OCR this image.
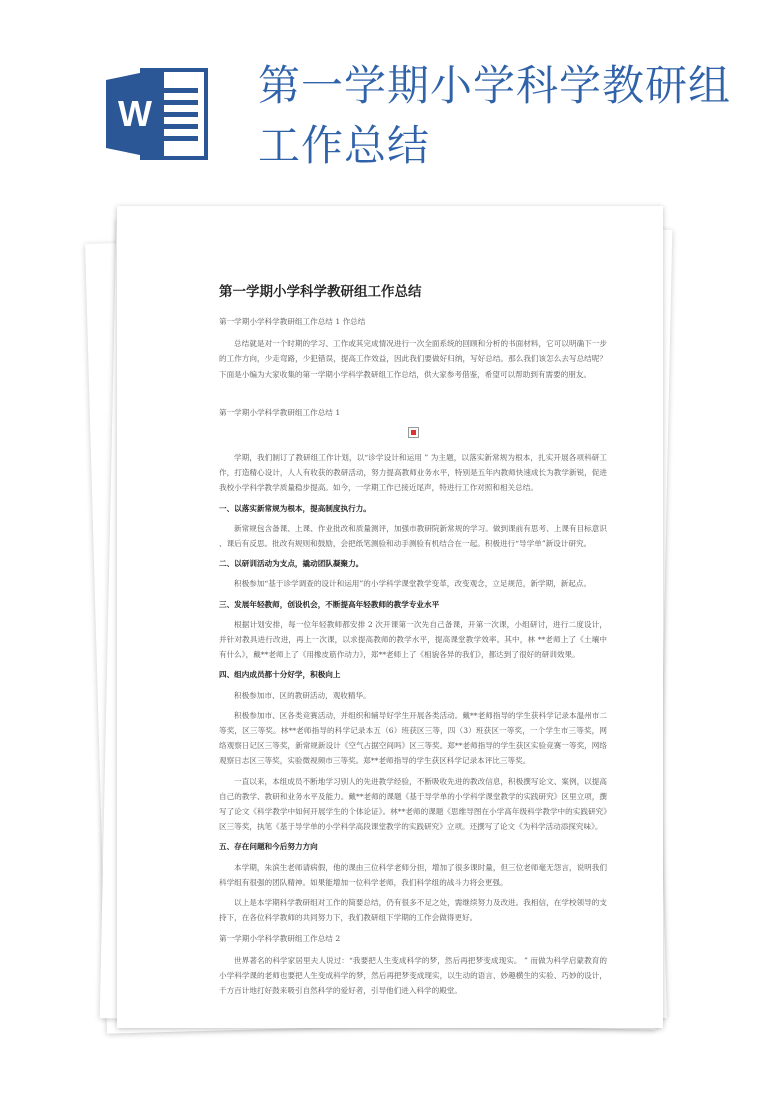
W
第一学期小学科学教研组工作总结
第一学期小学科学教研组工作总结

第一学期小学科学教研组工作总结 1 作总结

总结就是对一个时期的学习、工作或其完成情况进行一次全面系统的回顾和分析的书面材料，它可以明确下一步的工作方向，少走弯路，少犯错误，提高工作效益，因此我们要做好归纳，写好总结。那么我们该怎么去写总结呢？下面是小编为大家收集的第一学期小学科学教研组工作总结，供大家参考借鉴，希望可以帮助到有需要的朋友。

第一学期小学科学教研组工作总结 1

学期，我们制订了教研组工作计划，以“诊学设计和运用 ” 为主题，以落实新常规为根本，扎实开展各项科研工作，打造精心设计，人人有收获的教研活动，努力提高教师业务水平，特别是五年内教师快速成长为教学新锐，促进我校小学科学教学质量稳步提高。如今，一学期工作已接近尾声，特进行工作对照和相关总结。

一、以落实新常规为根本，提高制度执行力。

新常规包含备课、上课、作业批改和质量测评，加强市教研院新常规的学习。做到课前有思考、上课有目标意识 、课后有反思。批改有规则和鼓励，会把纸笔测验和动手测验有机结合在一起。积极进行“导学单”新设计研究。

二、以研训活动为支点，撬动团队凝聚力。

积极参加“基于诊学调查的设计和运用”的小学科学课堂教学变革，改变观念，立足规范，新学期，新起点。

三、发展年轻教师，创设机会，不断提高年轻教师的教学专业水平

根据计划安排，每一位年轻教师都安排 2 次开课第一次先自己备课，开第一次课，小组研讨，进行二度设计，并针对教具进行改进，再上一次课，以求提高教师的教学水平，提高课堂教学效率。其中，林 **老师上了《土壤中有什么》，戴**老师上了《用橡皮筋作动力》，郑**老师上了《相貌各异的我们》，都达到了很好的研训效果。

四、组内成员都十分好学，积极向上

积极参加市、区的教研活动，观收精华。

积极参加市、区各类竞赛活动，并组织和辅导好学生开展各类活动。戴**老师指导的学生获科学记录本温州市二等奖，区三等奖。林**老师指导的科学记录本五（6）班获区三等，四（3）班获区一等奖，一个学生市三等奖，网络观察日记区三等奖，新常规新设计《空气占据空间吗》区三等奖。郑**老师指导的学生获区实验竞赛一等奖，网络观察日志区三等奖，实验微视频市三等奖。郑**老师指导的学生获区科学记录本评比三等奖。

一直以来，本组成员不断地学习别人的先进教学经验，不断吸收先进的教改信息，积极撰写论文、案例，以提高自己的教学、教研和业务水平及能力。戴**老师的课题《基于导学单的小学科学课堂教学的实践研究》区里立项，撰写了论文《科学教学中如何开展学生的个体论证》。林**老师的课题《思维导图在小学高年级科学教学中的实践研究》区三等奖，执笔《基于导学单的小学科学高段课堂教学的实践研究》立项。还撰写了论文《为科学活动添探究味》。

五、存在问题和今后努力方向

本学期，朱滨生老师请病假，他的课由三位科学老师分担，增加了很多课时量，但三位老师毫无怨言，说明我们科学组有很强的团队精神。如果能增加一位科学老师，我们科学组的战斗力将会更强。

以上是本学期科学教研组对工作的简要总结，仍有很多不足之处，需继续努力及改进。我相信，在学校领导的支持下，在各位科学教师的共同努力下，我们教研组下学期的工作会做得更好。

第一学期小学科学教研组工作总结 2

世界著名的科学家居里夫人说过：“我要把人生变成科学的梦，然后再把梦变成现实。 ” 而做为科学启蒙教育的小学科学课的老师也要把人生变成科学的梦，然后再把梦变成现实，以生动的语言、妙趣横生的实验、巧妙的设计，千方百计地打好鼓来吸引自然科学的爱好者，引导他们进入科学的殿堂。
